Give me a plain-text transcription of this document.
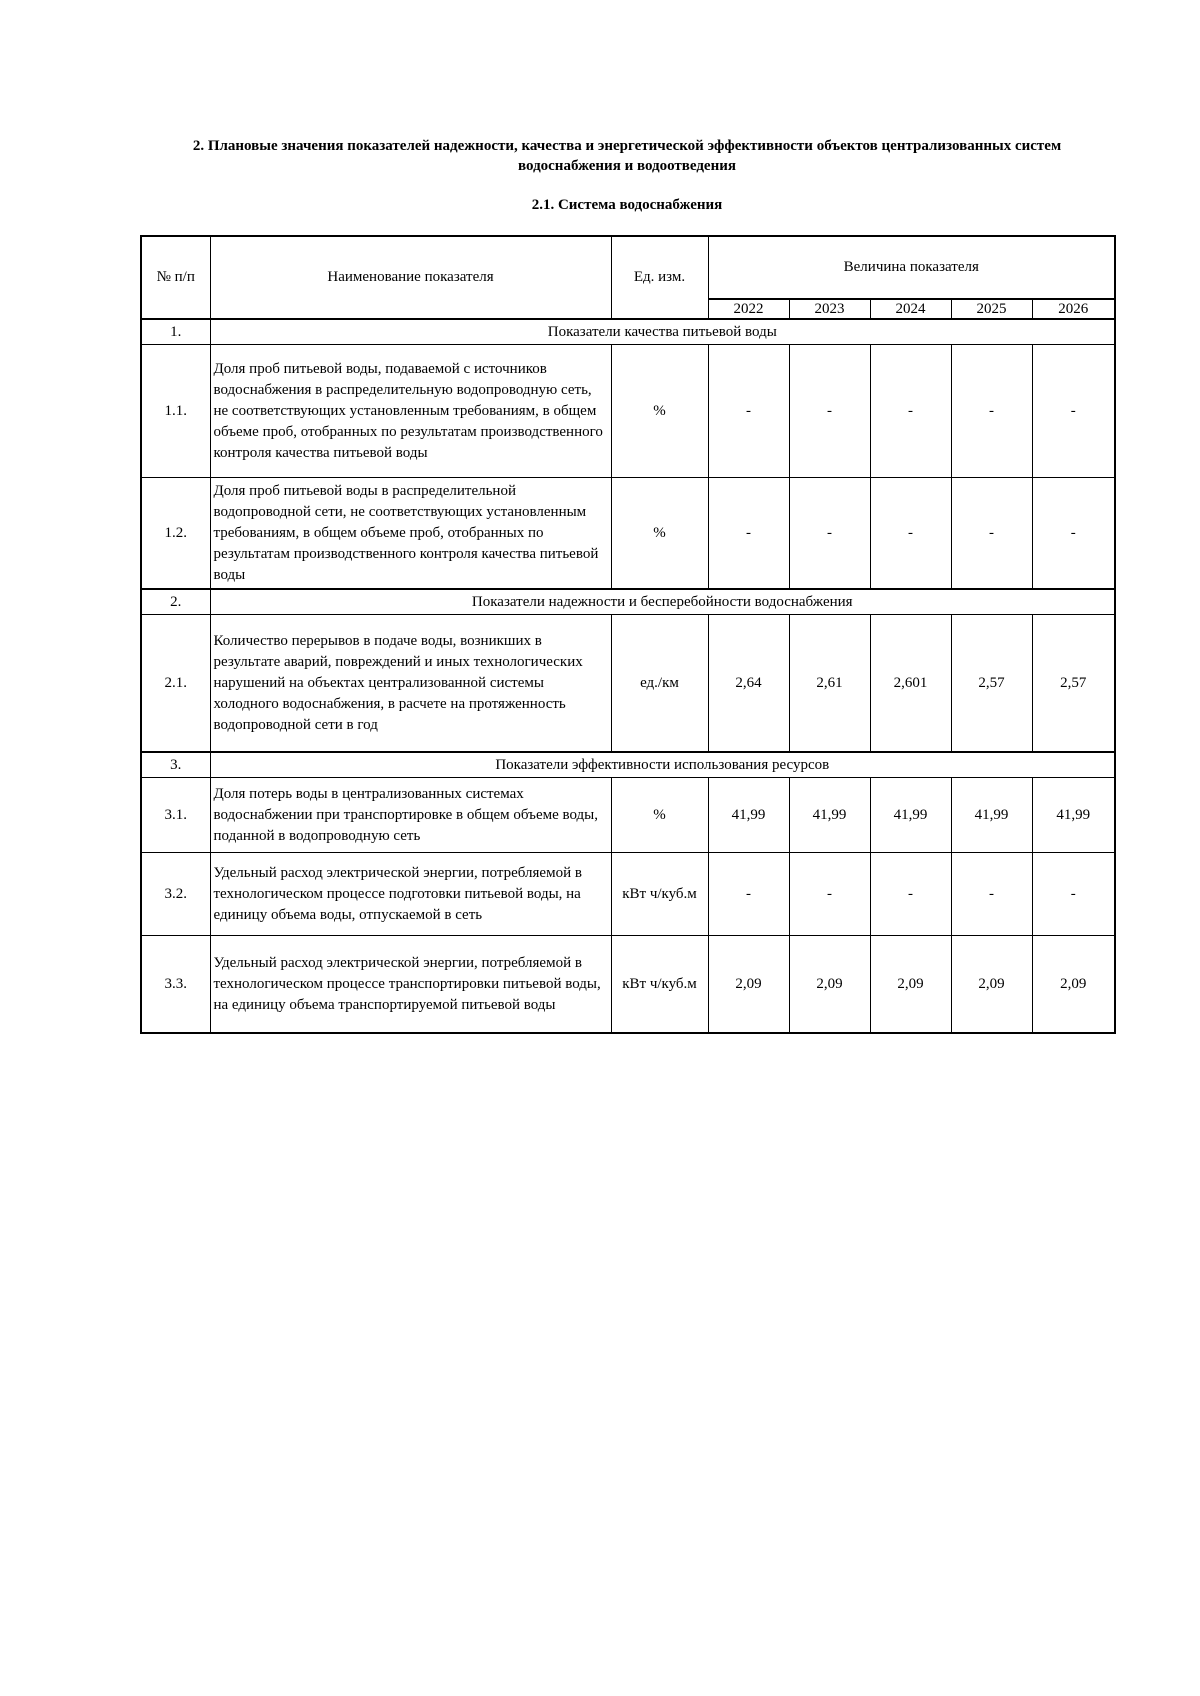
2. Плановые значения показателей надежности, качества и энергетической эффективности объектов централизованных систем водоснабжения и водоотведения
2.1. Система водоснабжения
№ п/п	Наименование показателя	Ед. изм.	Величина показателя				
			2022	2023	2024	2025	2026
1.	Показатели качества питьевой воды						
1.1.	Доля проб питьевой воды, подаваемой с источников водоснабжения в распределительную водопроводную сеть, не соответствующих установленным требованиям, в общем объеме проб, отобранных по результатам производственного контроля качества питьевой воды	%	-	-	-	-	-
1.2.	Доля проб питьевой воды в распределительной водопроводной сети, не соответствующих установленным требованиям, в общем объеме проб, отобранных по результатам производственного контроля качества питьевой воды	%	-	-	-	-	-
2.	Показатели надежности и бесперебойности водоснабжения						
2.1.	Количество перерывов в подаче воды, возникших в результате аварий, повреждений и иных технологических нарушений на объектах централизованной системы холодного водоснабжения, в расчете на протяженность водопроводной сети в год	ед./км	2,64	2,61	2,601	2,57	2,57
3.	Показатели эффективности использования ресурсов						
3.1.	Доля потерь воды в централизованных системах водоснабжении при транспортировке в общем объеме воды, поданной в водопроводную сеть	%	41,99	41,99	41,99	41,99	41,99
3.2.	Удельный расход электрической энергии, потребляемой в технологическом процессе подготовки питьевой воды, на единицу объема воды, отпускаемой в сеть	кВт ч/куб.м	-	-	-	-	-
3.3.	Удельный расход электрической энергии, потребляемой в технологическом процессе транспортировки питьевой воды, на единицу объема транспортируемой питьевой воды	кВт ч/куб.м	2,09	2,09	2,09	2,09	2,09
